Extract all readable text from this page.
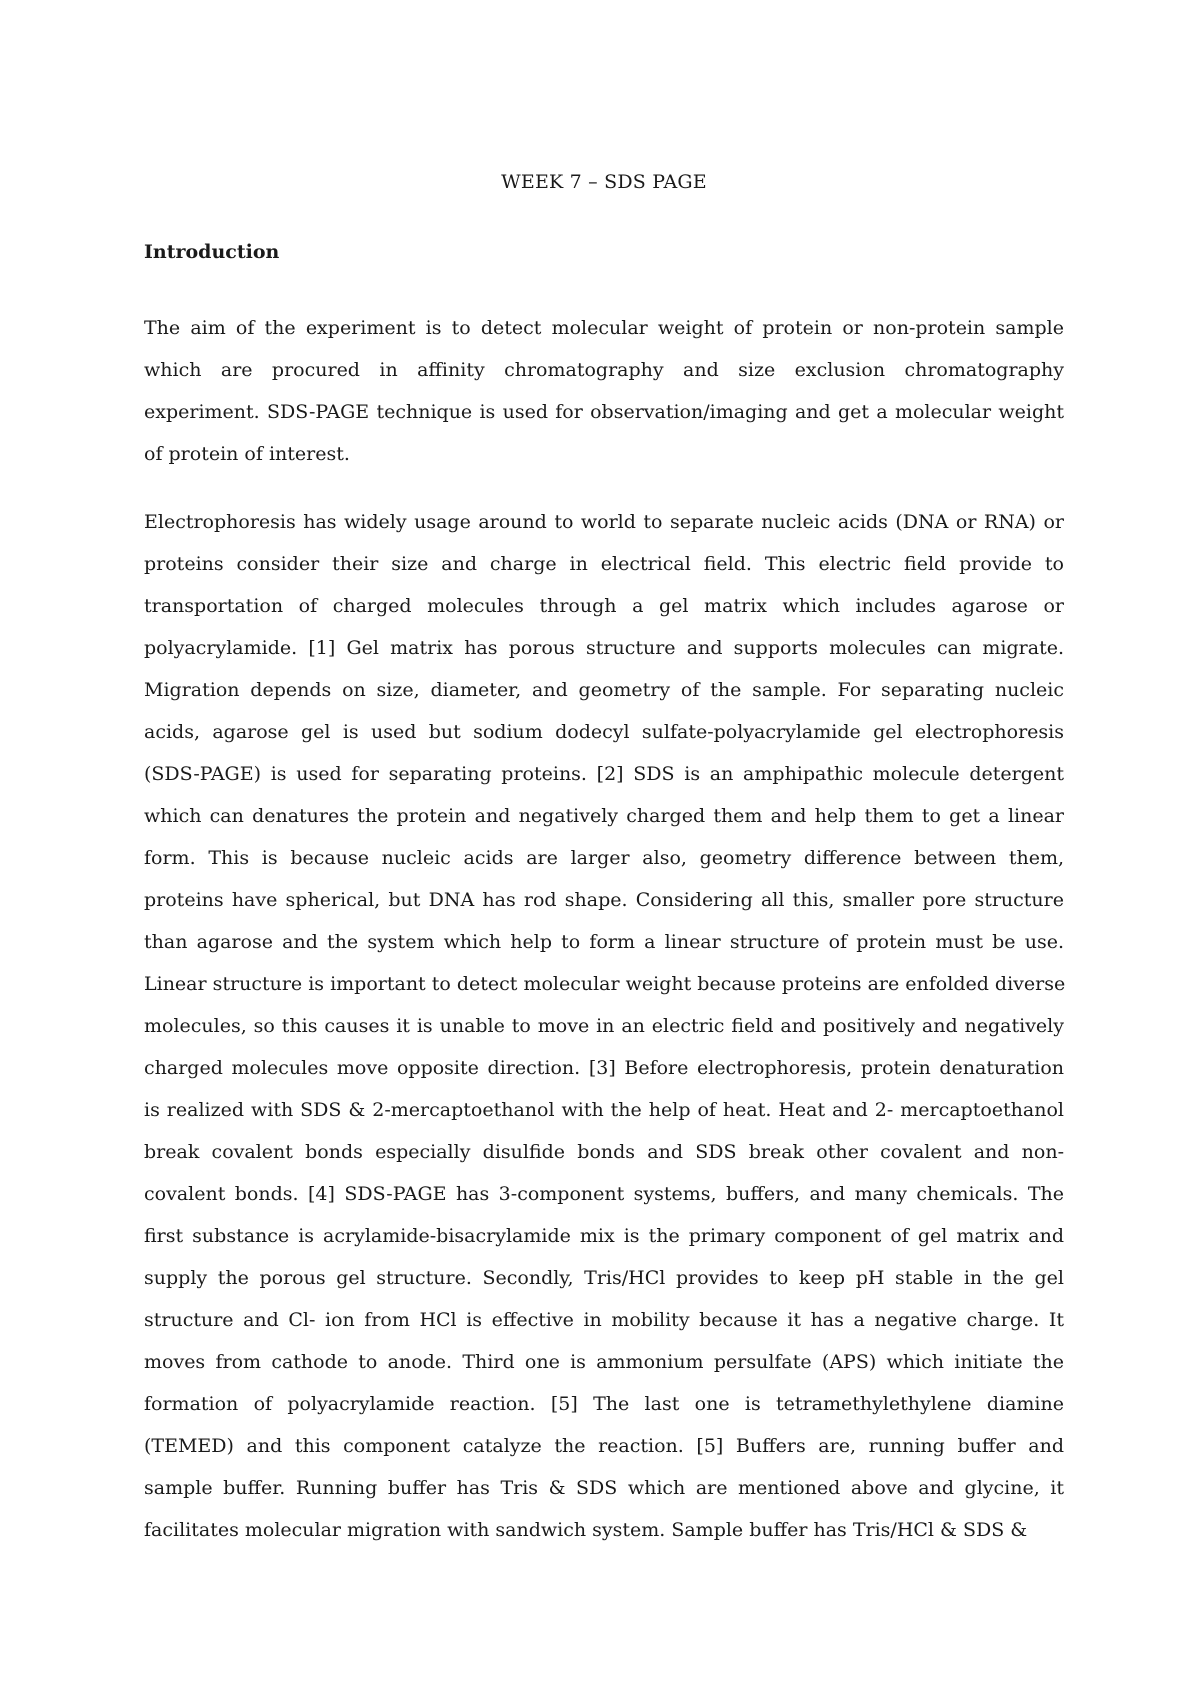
WEEK 7 – SDS PAGE
Introduction

The aim of the experiment is to detect molecular weight of protein or non-protein sample
which are procured in affinity chromatography and size exclusion chromatography
experiment. SDS-PAGE technique is used for observation/imaging and get a molecular weight
of protein of interest.

Electrophoresis has widely usage around to world to separate nucleic acids (DNA or RNA) or
proteins consider their size and charge in electrical field. This electric field provide to
transportation of charged molecules through a gel matrix which includes agarose or
polyacrylamide. [1] Gel matrix has porous structure and supports molecules can migrate.
Migration depends on size, diameter, and geometry of the sample. For separating nucleic
acids, agarose gel is used but sodium dodecyl sulfate-polyacrylamide gel electrophoresis
(SDS-PAGE) is used for separating proteins. [2] SDS is an amphipathic molecule detergent
which can denatures the protein and negatively charged them and help them to get a linear
form. This is because nucleic acids are larger also, geometry difference between them,
proteins have spherical, but DNA has rod shape. Considering all this, smaller pore structure
than agarose and the system which help to form a linear structure of protein must be use.
Linear structure is important to detect molecular weight because proteins are enfolded diverse
molecules, so this causes it is unable to move in an electric field and positively and negatively
charged molecules move opposite direction. [3] Before electrophoresis, protein denaturation
is realized with SDS & 2-mercaptoethanol with the help of heat. Heat and 2- mercaptoethanol
break covalent bonds especially disulfide bonds and SDS break other covalent and non-
covalent bonds. [4] SDS-PAGE has 3-component systems, buffers, and many chemicals. The
first substance is acrylamide-bisacrylamide mix is the primary component of gel matrix and
supply the porous gel structure. Secondly, Tris/HCl provides to keep pH stable in the gel
structure and Cl- ion from HCl is effective in mobility because it has a negative charge. It
moves from cathode to anode. Third one is ammonium persulfate (APS) which initiate the
formation of polyacrylamide reaction. [5] The last one is tetramethylethylene diamine
(TEMED) and this component catalyze the reaction. [5] Buffers are, running buffer and
sample buffer. Running buffer has Tris & SDS which are mentioned above and glycine, it
facilitates molecular migration with sandwich system. Sample buffer has Tris/HCl & SDS &
